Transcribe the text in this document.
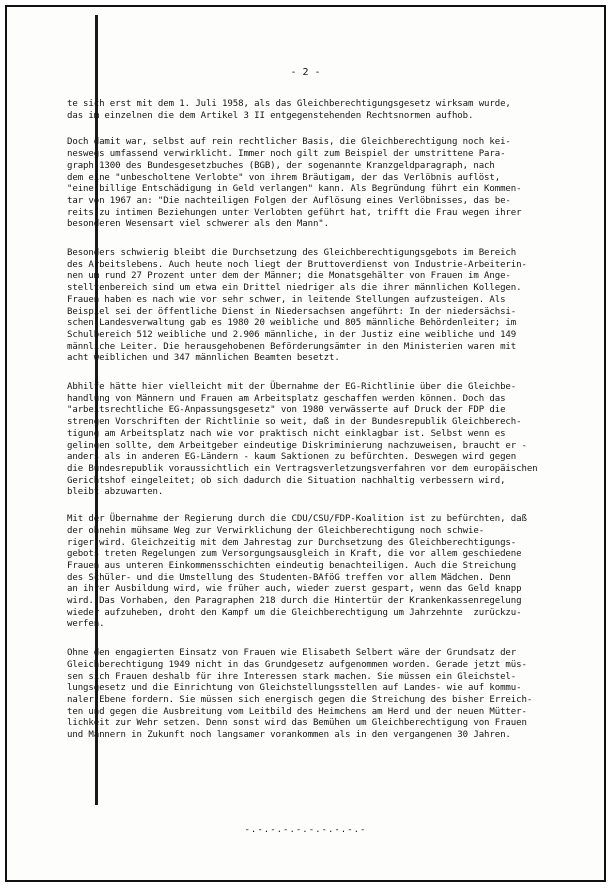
- 2 -
te sich erst mit dem 1. Juli 1958, als das Gleichberechtigungsgesetz wirksam wurde,
das im einzelnen die dem Artikel 3 II entgegenstehenden Rechtsnormen aufhob.
Doch damit war, selbst auf rein rechtlicher Basis, die Gleichberechtigung noch kei-
neswegs umfassend verwirklicht. Immer noch gilt zum Beispiel der umstrittene Para-
graph 1300 des Bundesgesetzbuches (BGB), der sogenannte Kranzgeldparagraph, nach
dem eine "unbescholtene Verlobte" von ihrem Bräutigam, der das Verlöbnis auflöst,
"eine billige Entschädigung in Geld verlangen" kann. Als Begründung führt ein Kommen-
tar von 1967 an: "Die nachteiligen Folgen der Auflösung eines Verlöbnisses, das be-
reits zu intimen Beziehungen unter Verlobten geführt hat, trifft die Frau wegen ihrer
besonderen Wesensart viel schwerer als den Mann".
Besonders schwierig bleibt die Durchsetzung des Gleichberechtigungsgebots im Bereich
des Arbeitslebens. Auch heute noch liegt der Bruttoverdienst von Industrie-Arbeiterin-
nen um rund 27 Prozent unter dem der Männer; die Monatsgehälter von Frauen im Ange-
stelltenbereich sind um etwa ein Drittel niedriger als die ihrer männlichen Kollegen.
Frauen haben es nach wie vor sehr schwer, in leitende Stellungen aufzusteigen. Als
Beispiel sei der öffentliche Dienst in Niedersachsen angeführt: In der niedersächsi-
schen Landesverwaltung gab es 1980 20 weibliche und 805 männliche Behördenleiter; im
Schulbereich 512 weibliche und 2.906 männliche, in der Justiz eine weibliche und 149
männliche Leiter. Die herausgehobenen Beförderungsämter in den Ministerien waren mit
acht weiblichen und 347 männlichen Beamten besetzt.
Abhilfe hätte hier vielleicht mit der Übernahme der EG-Richtlinie über die Gleichbe-
handlung von Männern und Frauen am Arbeitsplatz geschaffen werden können. Doch das
"arbeitsrechtliche EG-Anpassungsgesetz" von 1980 verwässerte auf Druck der FDP die
strengen Vorschriften der Richtlinie so weit, daß in der Bundesrepublik Gleichberech-
tigung am Arbeitsplatz nach wie vor praktisch nicht einklagbar ist. Selbst wenn es
gelingen sollte, dem Arbeitgeber eindeutige Diskriminierung nachzuweisen, braucht er -
anders als in anderen EG-Ländern - kaum Saktionen zu befürchten. Deswegen wird gegen
die Bundesrepublik voraussichtlich ein Vertragsverletzungsverfahren vor dem europäischen
Gerichtshof eingeleitet; ob sich dadurch die Situation nachhaltig verbessern wird,
bleibt abzuwarten.
Mit der Übernahme der Regierung durch die CDU/CSU/FDP-Koalition ist zu befürchten, daß
der ohnehin mühsame Weg zur Verwirklichung der Gleichberechtigung noch schwie-
riger wird. Gleichzeitig mit dem Jahrestag zur Durchsetzung des Gleichberechtigungs-
gebots treten Regelungen zum Versorgungsausgleich in Kraft, die vor allem geschiedene
Frauen aus unteren Einkommensschichten eindeutig benachteiligen. Auch die Streichung
des Schüler- und die Umstellung des Studenten-BAföG treffen vor allem Mädchen. Denn
an ihrer Ausbildung wird, wie früher auch, wieder zuerst gespart, wenn das Geld knapp
wird. Das Vorhaben, den Paragraphen 218 durch die Hintertür der Krankenkassenregelung
wieder aufzuheben, droht den Kampf um die Gleichberechtigung um Jahrzehnte  zurückzu-
werfen.
Ohne den engagierten Einsatz von Frauen wie Elisabeth Selbert wäre der Grundsatz der
Gleichberechtigung 1949 nicht in das Grundgesetz aufgenommen worden. Gerade jetzt müs-
sen sich Frauen deshalb für ihre Interessen stark machen. Sie müssen ein Gleichstel-
lungsgesetz und die Einrichtung von Gleichstellungsstellen auf Landes- wie auf kommu-
naler Ebene fordern. Sie müssen sich energisch gegen die Streichung des bisher Erreich-
ten und gegen die Ausbreitung vom Leitbild des Heimchens am Herd und der neuen Mütter-
lichkeit zur Wehr setzen. Denn sonst wird das Bemühen um Gleichberechtigung von Frauen
und Männern in Zukunft noch langsamer vorankommen als in den vergangenen 30 Jahren.
-.-.-.-.-.-.-.-.-.-
